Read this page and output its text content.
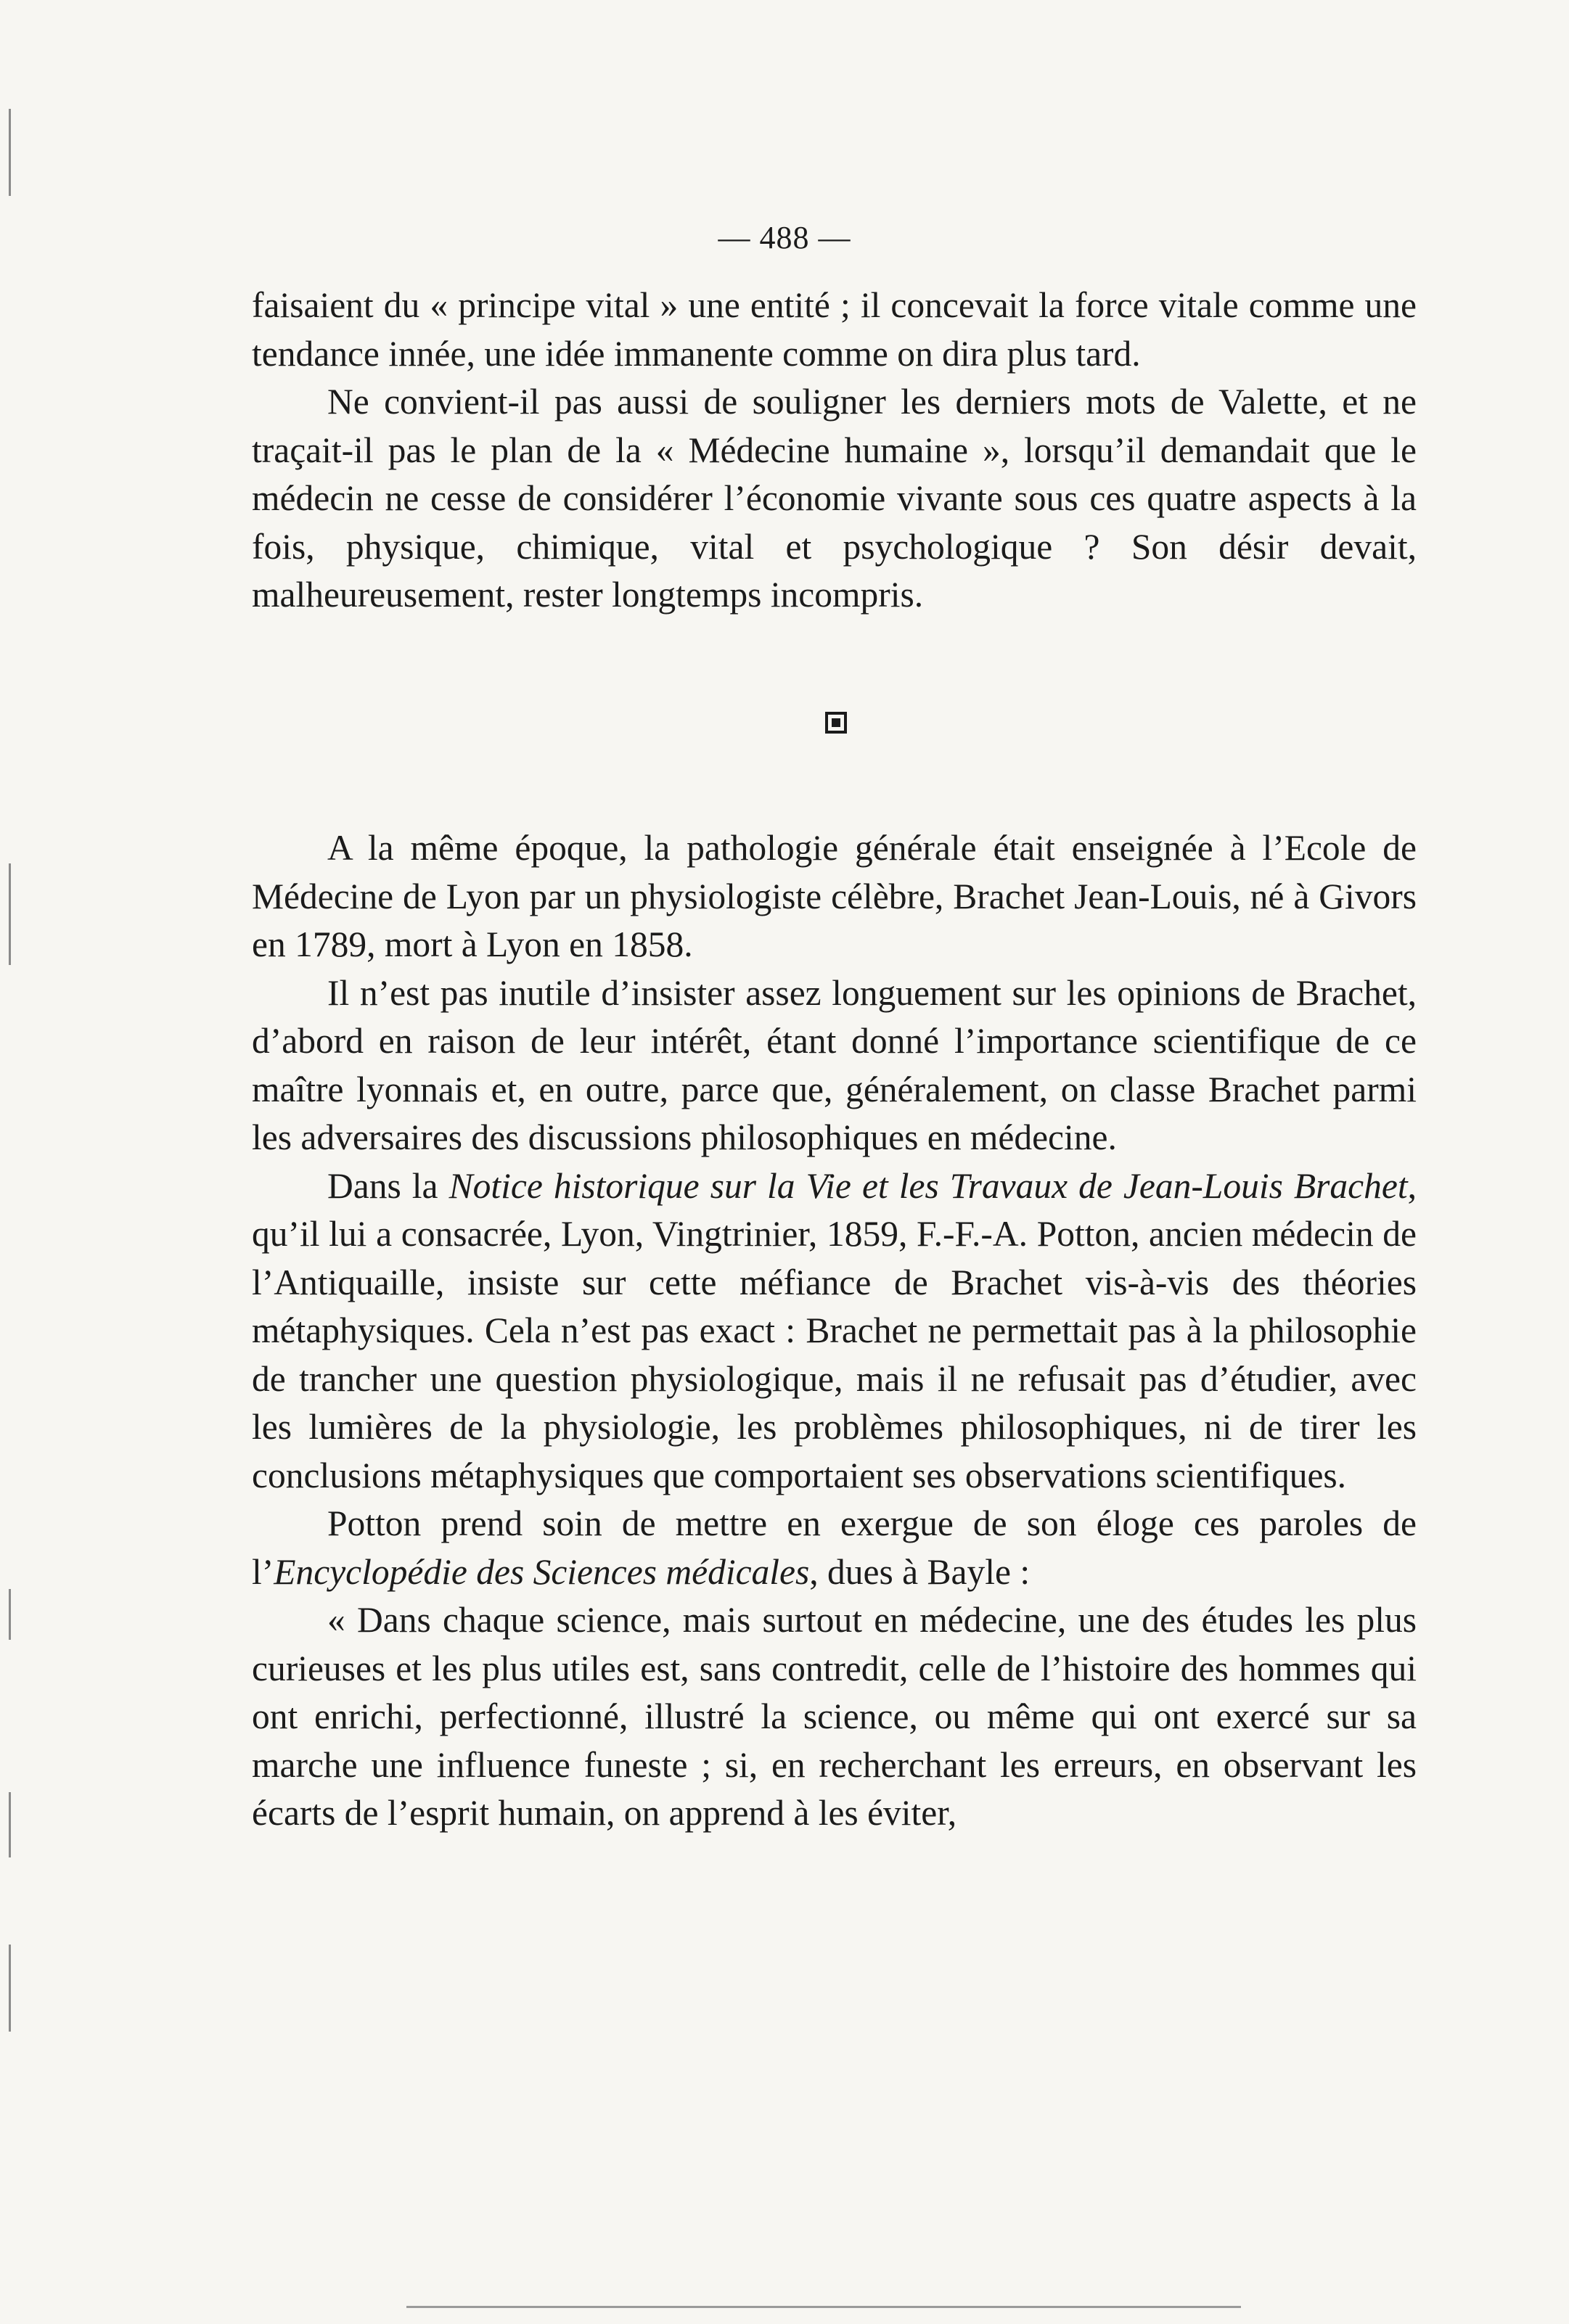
— 488 —

faisaient du « principe vital » une entité ; il concevait la force vitale comme une tendance innée, une idée immanente comme on dira plus tard.

Ne convient-il pas aussi de souligner les derniers mots de Valette, et ne traçait-il pas le plan de la « Médecine humaine », lorsqu’il demandait que le médecin ne cesse de considérer l’économie vivante sous ces quatre aspects à la fois, physique, chimique, vital et psychologique ? Son désir devait, malheureusement, rester longtemps incompris.

A la même époque, la pathologie générale était enseignée à l’Ecole de Médecine de Lyon par un physiologiste célèbre, Brachet Jean-Louis, né à Givors en 1789, mort à Lyon en 1858.

Il n’est pas inutile d’insister assez longuement sur les opinions de Brachet, d’abord en raison de leur intérêt, étant donné l’importance scientifique de ce maître lyonnais et, en outre, parce que, généralement, on classe Brachet parmi les adversaires des discussions philosophiques en médecine.

Dans la Notice historique sur la Vie et les Travaux de Jean-Louis Brachet, qu’il lui a consacrée, Lyon, Vingtrinier, 1859, F.-F.-A. Potton, ancien médecin de l’Antiquaille, insiste sur cette méfiance de Brachet vis-à-vis des théories métaphysiques. Cela n’est pas exact : Brachet ne permettait pas à la philosophie de trancher une question physiologique, mais il ne refusait pas d’étudier, avec les lumières de la physiologie, les problèmes philosophiques, ni de tirer les conclusions métaphysiques que comportaient ses observations scientifiques.

Potton prend soin de mettre en exergue de son éloge ces paroles de l’Encyclopédie des Sciences médicales, dues à Bayle :

« Dans chaque science, mais surtout en médecine, une des études les plus curieuses et les plus utiles est, sans contredit, celle de l’histoire des hommes qui ont enrichi, perfectionné, illustré la science, ou même qui ont exercé sur sa marche une influence funeste ; si, en recherchant les erreurs, en observant les écarts de l’esprit humain, on apprend à les éviter,
